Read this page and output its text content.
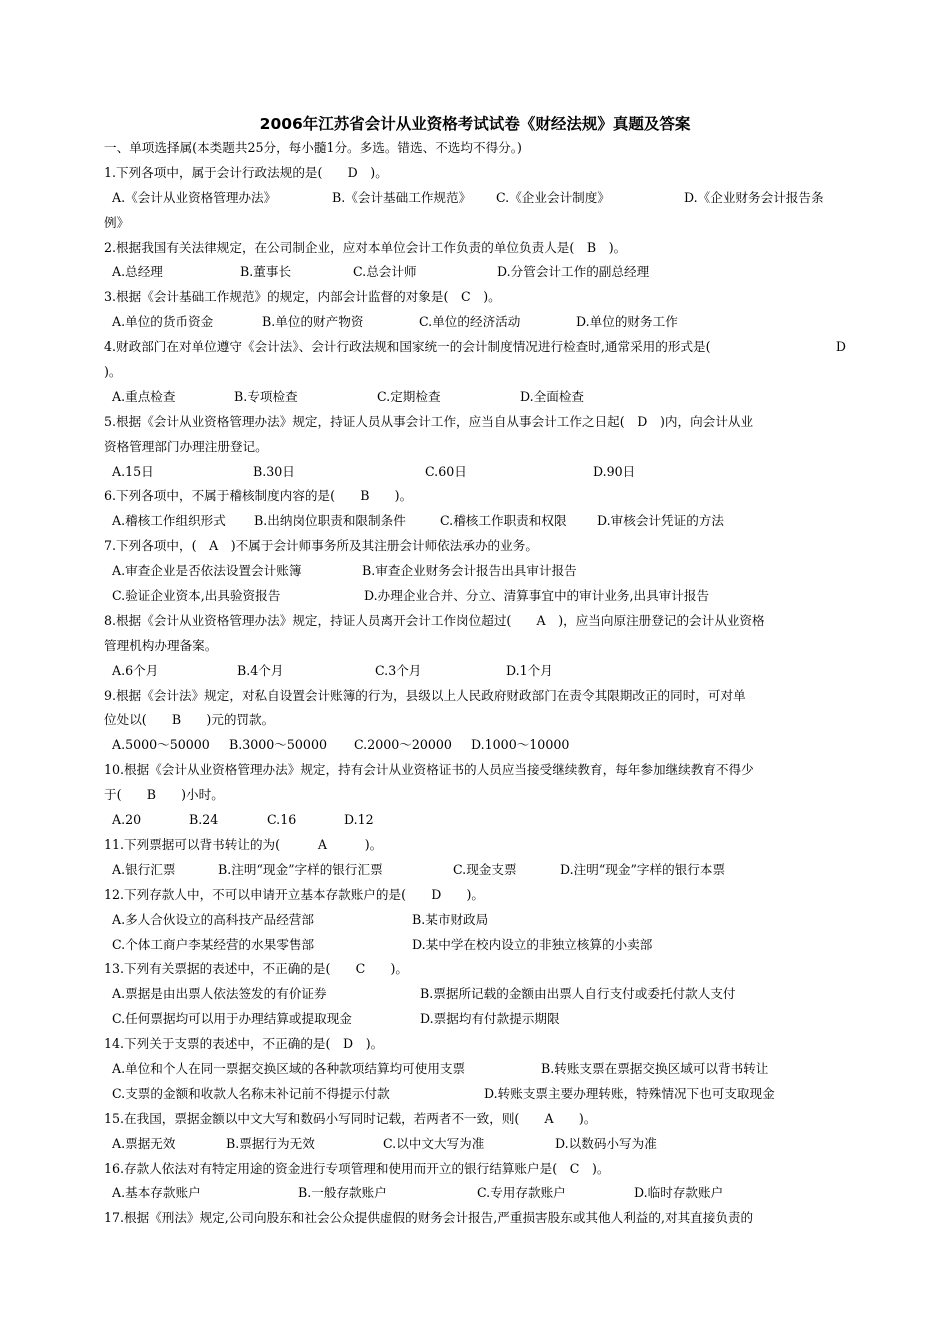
2006年江苏省会计从业资格考试试卷《财经法规》真题及答案
一、单项选择属(本类题共25分，每小髓1分。多选。错选、不选均不得分。)
1.下列各项中，属于会计行政法规的是(　　D　)。
A.《会计从业资格管理办法》	B.《会计基础工作规范》	C.《企业会计制度》	D.《企业财务会计报告条
例》
2.根据我国有关法律规定，在公司制企业，应对本单位会计工作负责的单位负责人是(　B　)。
A.总经理	B.董事长	C.总会计师	D.分管会计工作的副总经理
3.根据《会计基础工作规范》的规定，内部会计监督的对象是(　C　)。
A.单位的货币资金	B.单位的财产物资	C.单位的经济活动	D.单位的财务工作
4.财政部门在对单位遵守《会计法》、会计行政法规和国家统一的会计制度情况进行检查时,通常采用的形式是(	D
)。
A.重点检查	B.专项检查	C.定期检查	D.全面检查
5.根据《会计从业资格管理办法》规定，持证人员从事会计工作，应当自从事会计工作之日起(　D　)内，向会计从业
资格管理部门办理注册登记。
A.15日	B.30日	C.60日	D.90日
6.下列各项中，不属于稽核制度内容的是(　　B　　)。
A.稽核工作组织形式	B.出纳岗位职责和限制条件	C.稽核工作职责和权限	D.审核会计凭证的方法
7.下列各项中，(　A　)不属于会计师事务所及其注册会计师依法承办的业务。
A.审查企业是否依法设置会计账簿	B.审查企业财务会计报告出具审计报告
C.验证企业资本,出具验资报告	D.办理企业合并、分立、清算事宜中的审计业务,出具审计报告
8.根据《会计从业资格管理办法》规定，持证人员离开会计工作岗位超过(　　A　)，应当向原注册登记的会计从业资格
管理机构办理备案。
A.6个月	B.4个月	C.3个月	D.1个月
9.根据《会计法》规定，对私自设置会计账簿的行为，县级以上人民政府财政部门在责令其限期改正的同时，可对单
位处以(　　B　　)元的罚款。
A.5000～50000	B.3000～50000	C.2000～20000	D.1000～10000
10.根据《会计从业资格管理办法》规定，持有会计从业资格证书的人员应当接受继续教育，每年参加继续教育不得少
于(　　B　　)小时。
A.20	B.24	C.16	D.12
11.下列票据可以背书转让的为(　　　A　　　)。
A.银行汇票	B.注明“现金”字样的银行汇票	C.现金支票	D.注明“现金”字样的银行本票
12.下列存款人中，不可以申请开立基本存款账户的是(　　D　　)。
A.多人合伙设立的高科技产品经营部	B.某市财政局
C.个体工商户李某经营的水果零售部	D.某中学在校内设立的非独立核算的小卖部
13.下列有关票据的表述中，不正确的是(　　C　　)。
A.票据是由出票人依法签发的有价证券	B.票据所记载的金额由出票人自行支付或委托付款人支付
C.任何票据均可以用于办理结算或提取现金	D.票据均有付款提示期限
14.下列关于支票的表述中，不正确的是(　D　)。
A.单位和个人在同一票据交换区域的各种款项结算均可使用支票	B.转账支票在票据交换区域可以背书转让
C.支票的金额和收款人名称未补记前不得提示付款	D.转账支票主要办理转账，特殊情况下也可支取现金
15.在我国，票据金额以中文大写和数码小写同时记载，若两者不一致，则(　　A　　)。
A.票据无效	B.票据行为无效	C.以中文大写为准	D.以数码小写为准
16.存款人依法对有特定用途的资金进行专项管理和使用而开立的银行结算账户是(　C　)。
A.基本存款账户	B.一般存款账户	C.专用存款账户	D.临时存款账户
17.根据《刑法》规定,公司向股东和社会公众提供虚假的财务会计报告,严重损害股东或其他人利益的,对其直接负责的
